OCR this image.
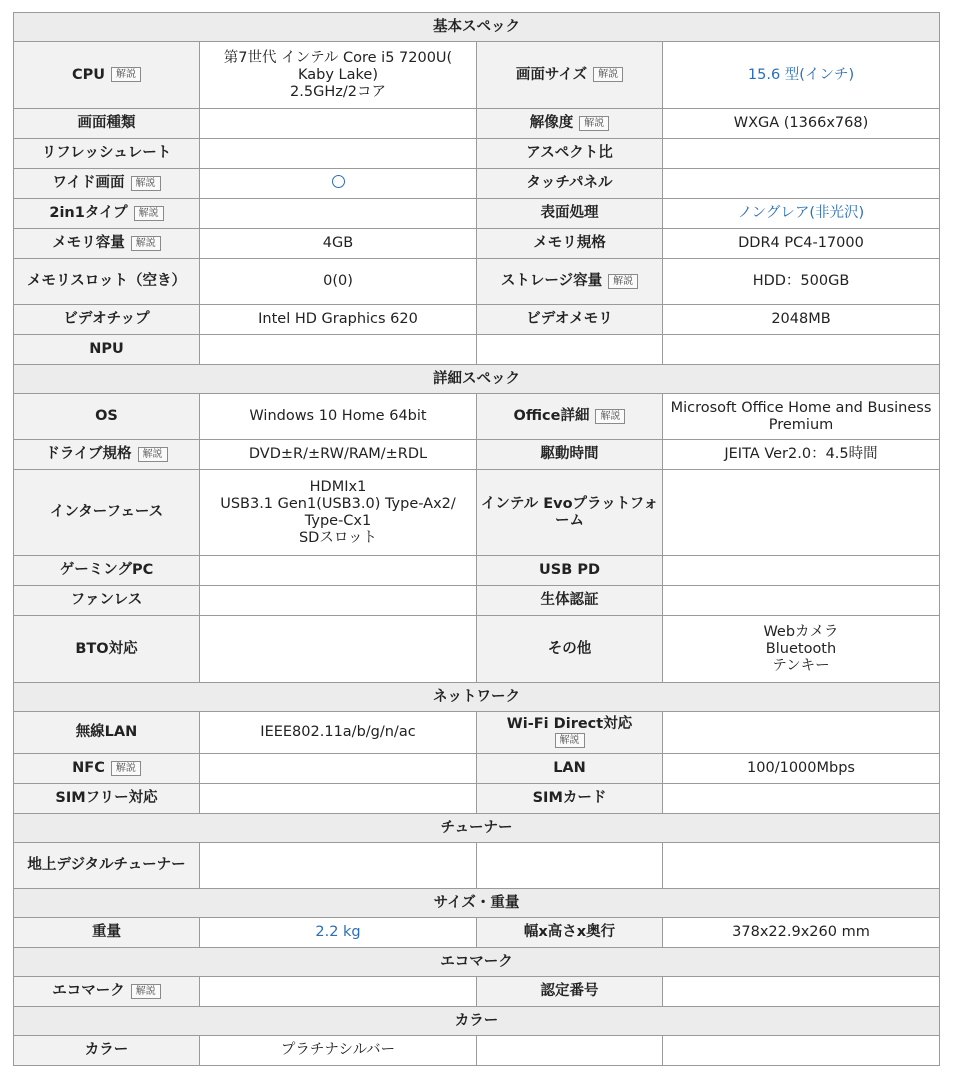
基本スペック			
CPU 解説	第7世代 インテル Core i5 7200U(
Kaby Lake)
2.5GHz/2コア	画面サイズ 解説	15.6 型(インチ)
画面種類		解像度 解説	WXGA (1366x768)
リフレッシュレート		アスペクト比	
ワイド画面 解説		タッチパネル	
2in1タイプ 解説		表面処理	ノングレア(非光沢)
メモリ容量 解説	4GB	メモリ規格	DDR4 PC4-17000
メモリスロット（空き）	0(0)	ストレージ容量 解説	HDD：500GB
ビデオチップ	Intel HD Graphics 620	ビデオメモリ	2048MB
NPU			
詳細スペック			
OS	Windows 10 Home 64bit	Office詳細 解説	Microsoft Office Home and Business Premium
ドライブ規格 解説	DVD±R/±RW/RAM/±RDL	駆動時間	JEITA Ver2.0：4.5時間
インターフェース	HDMIx1
USB3.1 Gen1(USB3.0) Type-Ax2/
Type-Cx1
SDスロット	インテル Evoプラットフォーム	
ゲーミングPC		USB PD	
ファンレス		生体認証	
BTO対応		その他	Webカメラ
Bluetooth
テンキー
ネットワーク			
無線LAN	IEEE802.11a/b/g/n/ac	Wi-Fi Direct対応
解説	
NFC 解説		LAN	100/1000Mbps
SIMフリー対応		SIMカード	
チューナー			
地上デジタルチューナー			
サイズ・重量			
重量	2.2 kg	幅x高さx奥行	378x22.9x260 mm
エコマーク			
エコマーク 解説		認定番号	
カラー			
カラー	プラチナシルバー		
